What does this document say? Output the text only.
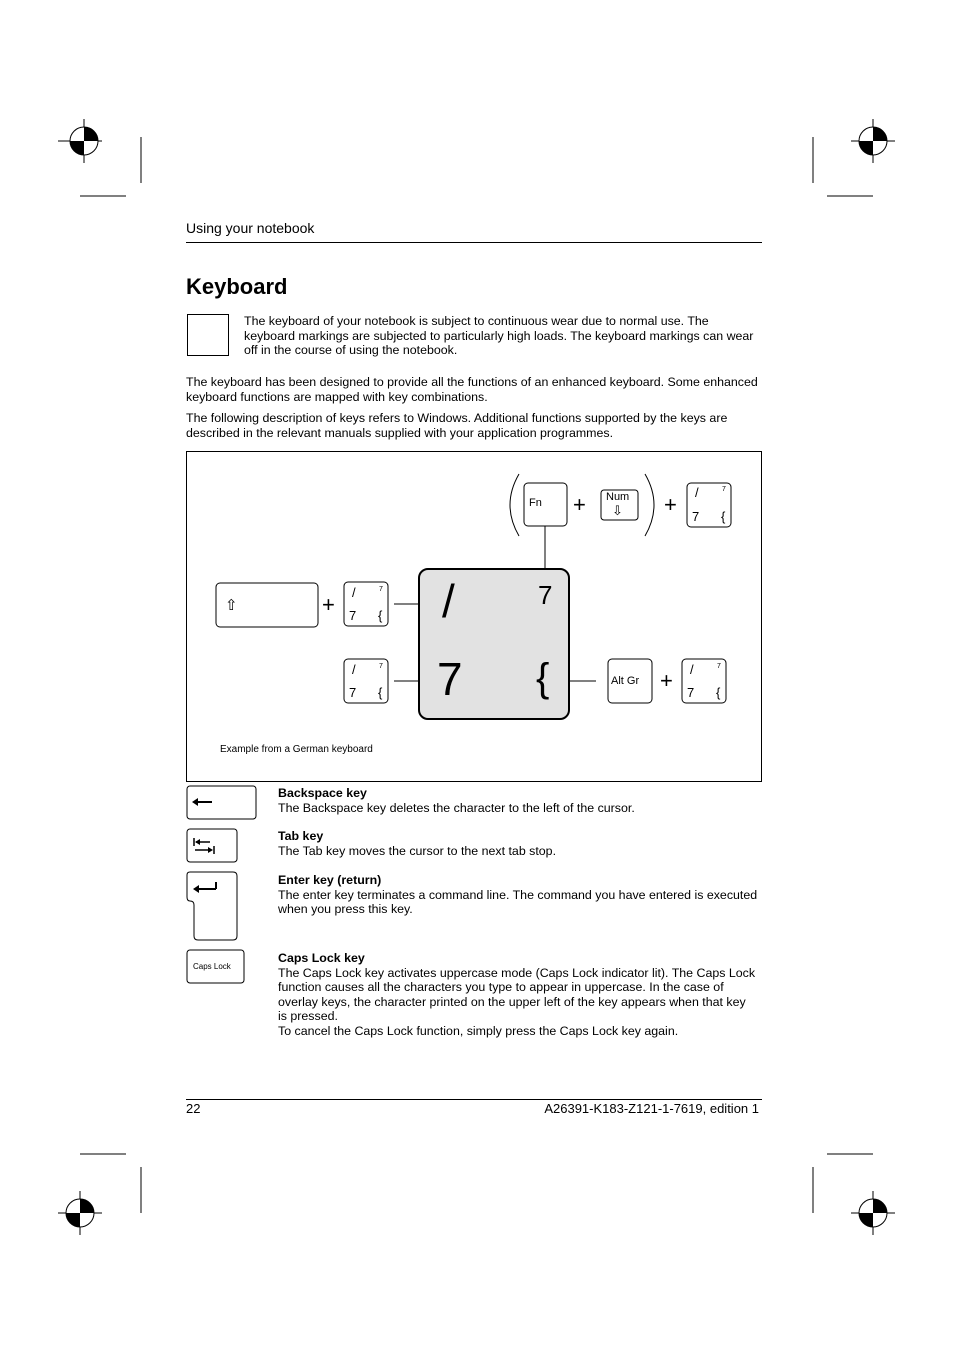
Using your notebook
Keyboard
The keyboard of your notebook is subject to continuous wear due to normal use. The keyboard markings are subjected to particularly high loads. The keyboard markings can wear off in the course of using the notebook.
The keyboard has been designed to provide all the functions of an enhanced keyboard. Some enhanced keyboard functions are mapped with key combinations.
The following description of keys refers to Windows. Additional functions supported by the keys are described in the relevant manuals supplied with your application programmes.
Fn	Num
⇩
+	+
+
+
/	7
7 {
⇧
/	7
7 {
/	7
7 {
Alt Gr
/	7
7 {
/	7
7 {
Example from a German keyboard
Caps Lock
Backspace key
The Backspace key deletes the character to the left of the cursor.
Tab key
The Tab key moves the cursor to the next tab stop.
Enter key (return)
The enter key terminates a command line. The command you have entered is executed when you press this key.
Caps Lock key
The Caps Lock key activates uppercase mode (Caps Lock indicator lit). The Caps Lock function causes all the characters you type to appear in uppercase. In the case of overlay keys, the character printed on the upper left of the key appears when that key is pressed.
To cancel the Caps Lock function, simply press the Caps Lock key again.
22	A26391-K183-Z121-1-7619, edition 1
